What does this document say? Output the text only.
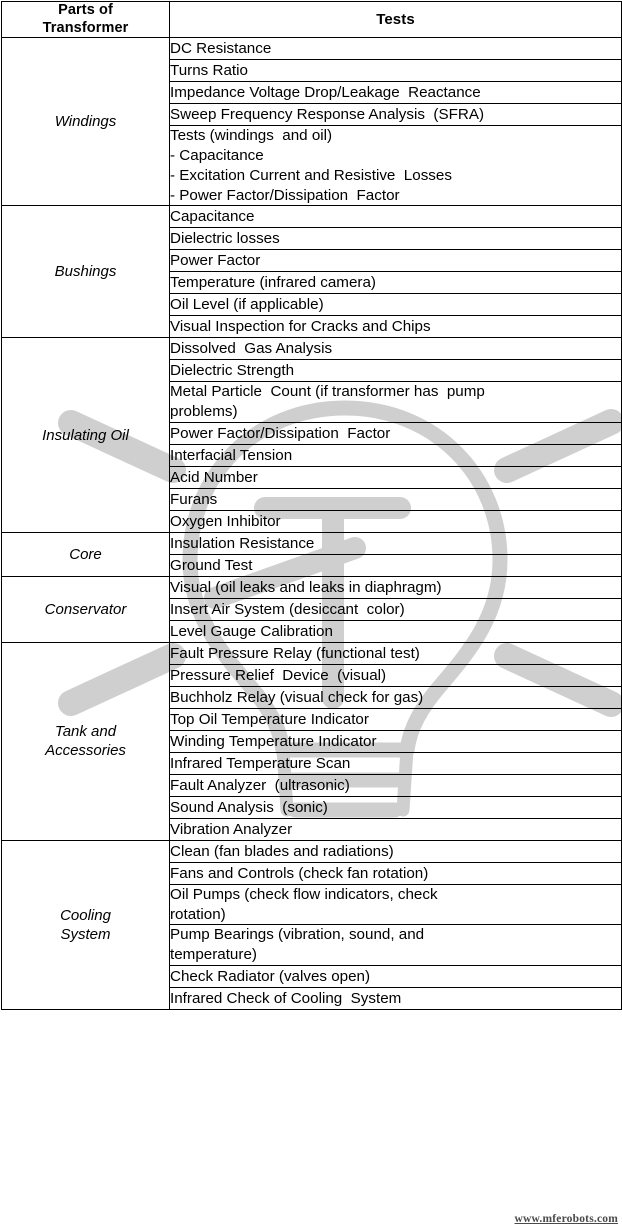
Parts of
Transformer	Tests
Windings	DC Resistance

	Turns Ratio

	Impedance Voltage Drop/Leakage  Reactance

	Sweep Frequency Response Analysis  (SFRA)

	Tests (windings  and oil)
- Capacitance
- Excitation Current and Resistive  Losses
- Power Factor/Dissipation  Factor

Bushings	Capacitance

	Dielectric losses

	Power Factor

	Temperature (infrared camera)

	Oil Level (if applicable)

	Visual Inspection for Cracks and Chips

Insulating Oil	Dissolved  Gas Analysis

	Dielectric Strength

	Metal Particle  Count (if transformer has  pump
problems)

	Power Factor/Dissipation  Factor

	Interfacial Tension

	Acid Number

	Furans

	Oxygen Inhibitor

Core	Insulation Resistance

	Ground Test

Conservator	Visual (oil leaks and leaks in diaphragm)

	Insert Air System (desiccant  color)

	Level Gauge Calibration

Tank and
Accessories	Fault Pressure Relay (functional test)

	Pressure Relief  Device  (visual)

	Buchholz Relay (visual check for gas)

	Top Oil Temperature Indicator

	Winding Temperature Indicator

	Infrared Temperature Scan

	Fault Analyzer  (ultrasonic)

	Sound Analysis  (sonic)

	Vibration Analyzer

Cooling
System	Clean (fan blades and radiations)

	Fans and Controls (check fan rotation)

	Oil Pumps (check flow indicators, check
rotation)

	Pump Bearings (vibration, sound, and
temperature)

	Check Radiator (valves open)

	Infrared Check of Cooling  System
www.mferobots.com
